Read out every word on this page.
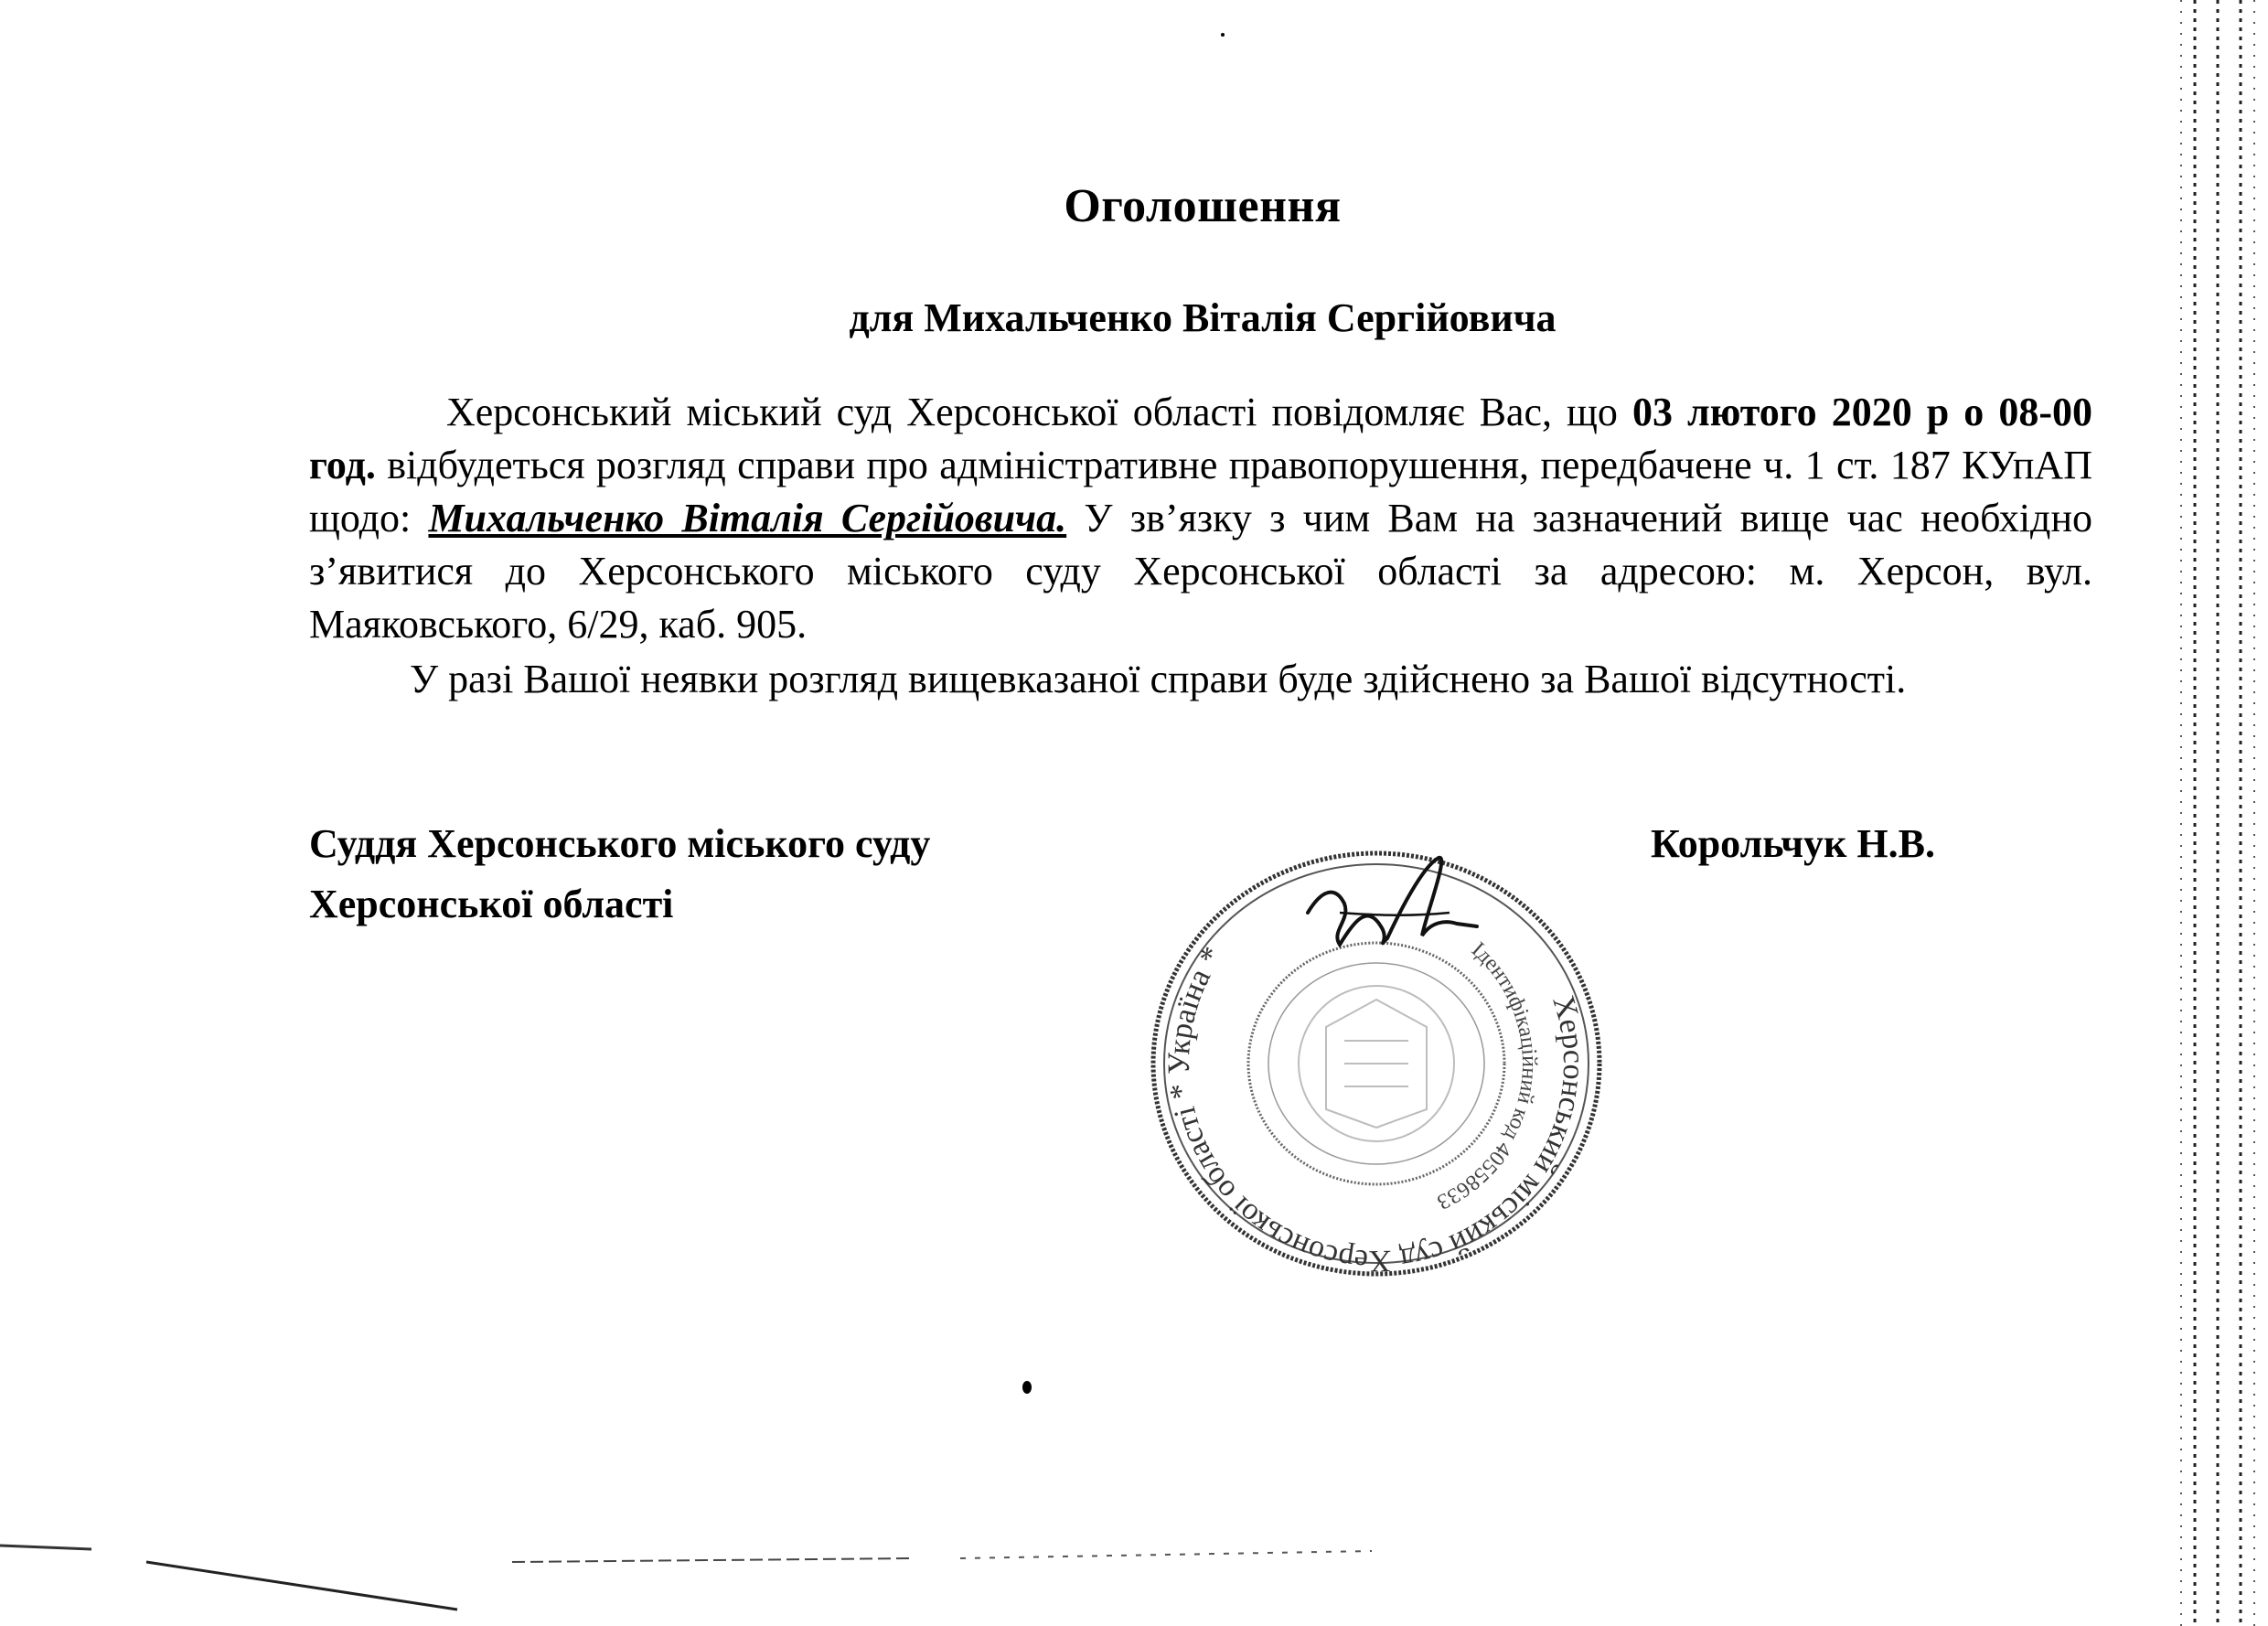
Оголошення
для Михальченко Віталія Сергійовича

Херсонський міський суд Херсонської області повідомляє Вас, що 03 лютого 2020 р о 08-00 год. відбудеться розгляд справи про адміністративне правопорушення, передбачене ч. 1 ст. 187 КУпАП щодо: Михальченко Віталія Сергійовича. У зв’язку з чим Вам на зазначений вище час необхідно з’явитися до Херсонського міського суду Херсонської області за адресою: м. Херсон, вул. Маяковського, 6/29, каб. 905.

У разі Вашої неявки розгляд вищевказаної справи буде здійснено за Вашої відсутності.

Суддя Херсонського міського суду
Херсонської області
Корольчук Н.В.
Херсонський міський суд Херсонської області * Україна *	Ідентифікаційний код 40558633
